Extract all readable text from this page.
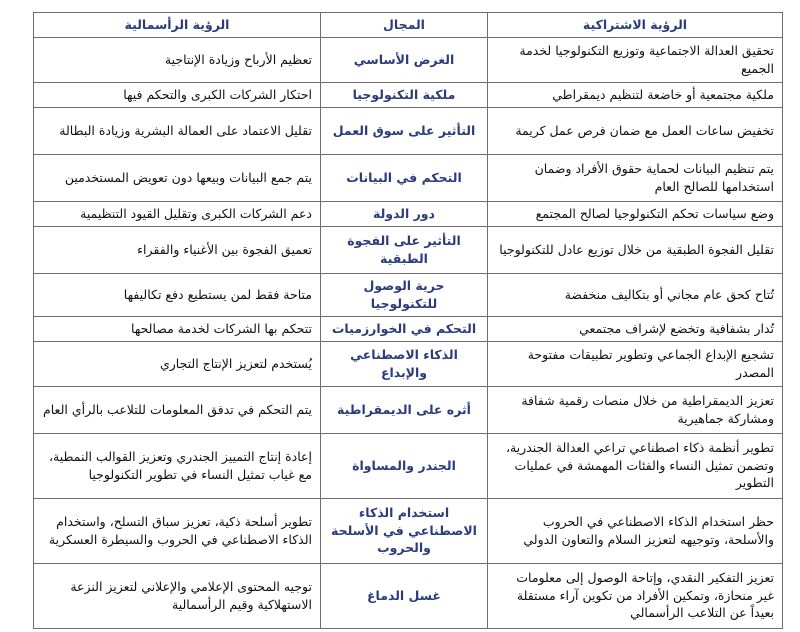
الرؤية الاشتراكية	المجال	الرؤية الرأسمالية
تحقيق العدالة الاجتماعية وتوزيع التكنولوجيا لخدمة الجميع	الغرض الأساسي	تعظيم الأرباح وزيادة الإنتاجية
ملكية مجتمعية أو خاضعة لتنظيم ديمقراطي	ملكية التكنولوجيا	احتكار الشركات الكبرى والتحكم فيها
تخفيض ساعات العمل مع ضمان فرص عمل كريمة	التأثير على سوق العمل	تقليل الاعتماد على العمالة البشرية وزيادة البطالة
يتم تنظيم البيانات لحماية حقوق الأفراد وضمان استخدامها للصالح العام	التحكم في البيانات	يتم جمع البيانات وبيعها دون تعويض المستخدمين
وضع سياسات تحكم التكنولوجيا لصالح المجتمع	دور الدولة	دعم الشركات الكبرى وتقليل القيود التنظيمية
تقليل الفجوة الطبقية من خلال توزيع عادل للتكنولوجيا	التأثير على الفجوة الطبقية	تعميق الفجوة بين الأغنياء والفقراء
تُتاح كحق عام مجاني أو بتكاليف منخفضة	حرية الوصول للتكنولوجيا	متاحة فقط لمن يستطيع دفع تكاليفها
تُدار بشفافية وتخضع لإشراف مجتمعي	التحكم في الخوارزميات	تتحكم بها الشركات لخدمة مصالحها
تشجيع الإبداع الجماعي وتطوير تطبيقات مفتوحة المصدر	الذكاء الاصطناعي والإبداع	يُستخدم لتعزيز الإنتاج التجاري
تعزيز الديمقراطية من خلال منصات رقمية شفافة ومشاركة جماهيرية	أثره على الديمقراطية	يتم التحكم في تدفق المعلومات للتلاعب بالرأي العام
تطوير أنظمة ذكاء اصطناعي تراعي العدالة الجندرية، وتضمن تمثيل النساء والفئات المهمشة في عمليات التطوير	الجندر والمساواة	إعادة إنتاج التمييز الجندري وتعزيز القوالب النمطية، مع غياب تمثيل النساء في تطوير التكنولوجيا
حظر استخدام الذكاء الاصطناعي في الحروب والأسلحة، وتوجيهه لتعزيز السلام والتعاون الدولي	استخدام الذكاء الاصطناعي في الأسلحة والحروب	تطوير أسلحة ذكية، تعزيز سباق التسلح، واستخدام الذكاء الاصطناعي في الحروب والسيطرة العسكرية
تعزيز التفكير النقدي، وإتاحة الوصول إلى معلومات غير منحازة، وتمكين الأفراد من تكوين آراء مستقلة بعيداً عن التلاعب الرأسمالي	غسل الدماغ	توجيه المحتوى الإعلامي والإعلاني لتعزيز النزعة الاستهلاكية وقيم الرأسمالية
